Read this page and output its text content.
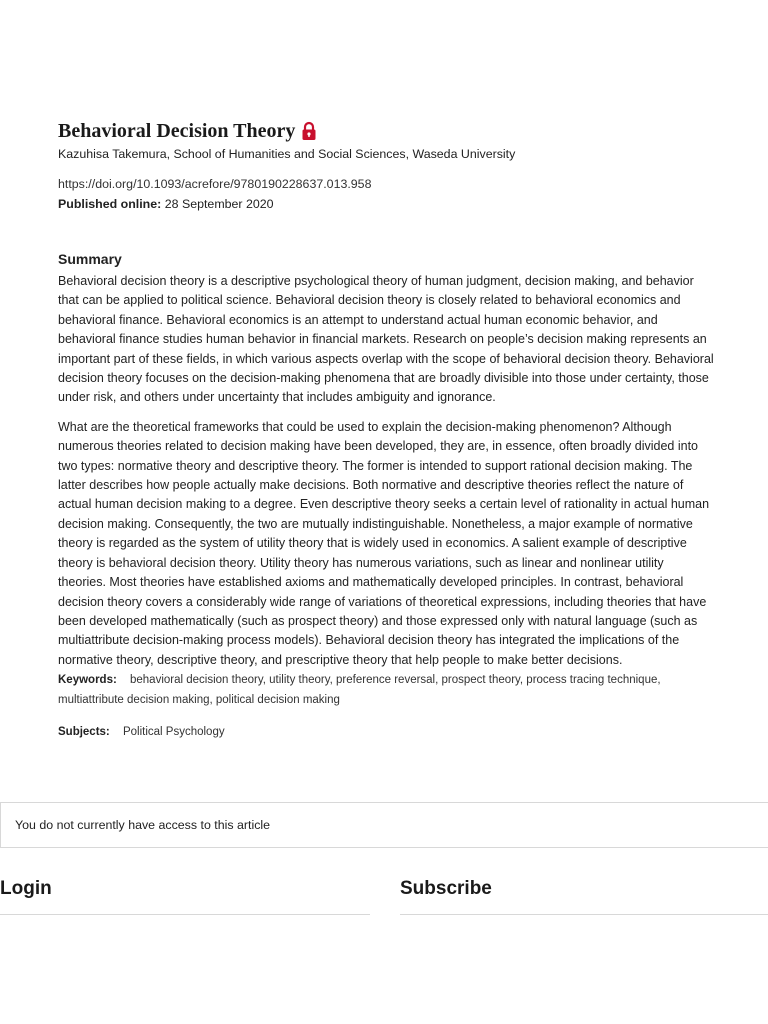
Behavioral Decision Theory
Kazuhisa Takemura, School of Humanities and Social Sciences, Waseda University
https://doi.org/10.1093/acrefore/9780190228637.013.958
Published online: 28 September 2020
Summary

Behavioral decision theory is a descriptive psychological theory of human judgment, decision making, and behavior that can be applied to political science. Behavioral decision theory is closely related to behavioral economics and behavioral finance. Behavioral economics is an attempt to understand actual human economic behavior, and behavioral finance studies human behavior in financial markets. Research on people’s decision making represents an important part of these fields, in which various aspects overlap with the scope of behavioral decision theory. Behavioral decision theory focuses on the decision-making phenomena that are broadly divisible into those under certainty, those under risk, and others under uncertainty that includes ambiguity and ignorance.

What are the theoretical frameworks that could be used to explain the decision-making phenomenon? Although numerous theories related to decision making have been developed, they are, in essence, often broadly divided into two types: normative theory and descriptive theory. The former is intended to support rational decision making. The latter describes how people actually make decisions. Both normative and descriptive theories reflect the nature of actual human decision making to a degree. Even descriptive theory seeks a certain level of rationality in actual human decision making. Consequently, the two are mutually indistinguishable. Nonetheless, a major example of normative theory is regarded as the system of utility theory that is widely used in economics. A salient example of descriptive theory is behavioral decision theory. Utility theory has numerous variations, such as linear and nonlinear utility theories. Most theories have established axioms and mathematically developed principles. In contrast, behavioral decision theory covers a considerably wide range of variations of theoretical expressions, including theories that have been developed mathematically (such as prospect theory) and those expressed only with natural language (such as multiattribute decision-making process models). Behavioral decision theory has integrated the implications of the normative theory, descriptive theory, and prescriptive theory that help people to make better decisions.

Keywords: behavioral decision theory, utility theory, preference reversal, prospect theory, process tracing technique, multiattribute decision making, political decision making
Subjects: Political Psychology
You do not currently have access to this article
Login	Subscribe
